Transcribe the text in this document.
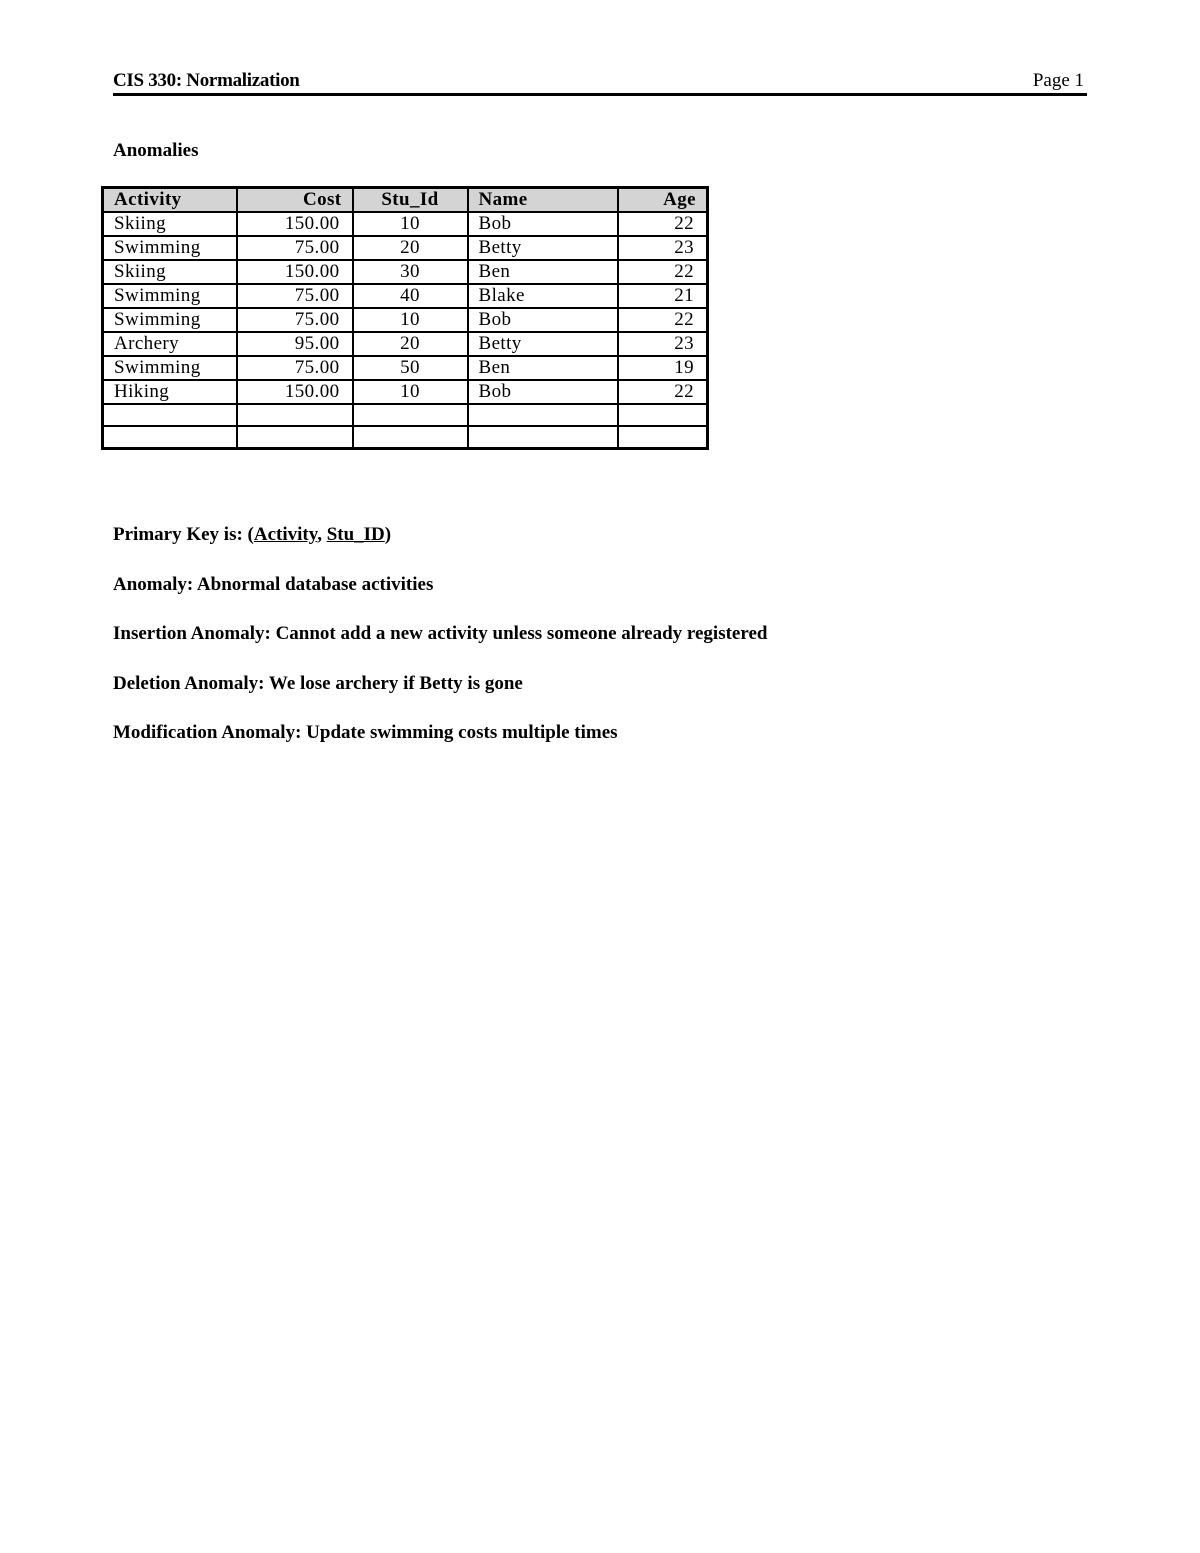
CIS 330: Normalization	Page 1
Anomalies
Activity	Cost	Stu_Id	Name	Age
Skiing	150.00	10	Bob	22
Swimming	75.00	20	Betty	23
Skiing	150.00	30	Ben	22
Swimming	75.00	40	Blake	21
Swimming	75.00	10	Bob	22
Archery	95.00	20	Betty	23
Swimming	75.00	50	Ben	19
Hiking	150.00	10	Bob	22

Primary Key is: (Activity, Stu_ID)
Anomaly: Abnormal database activities
Insertion Anomaly: Cannot add a new activity unless someone already registered
Deletion Anomaly: We lose archery if Betty is gone
Modification Anomaly: Update swimming costs multiple times
